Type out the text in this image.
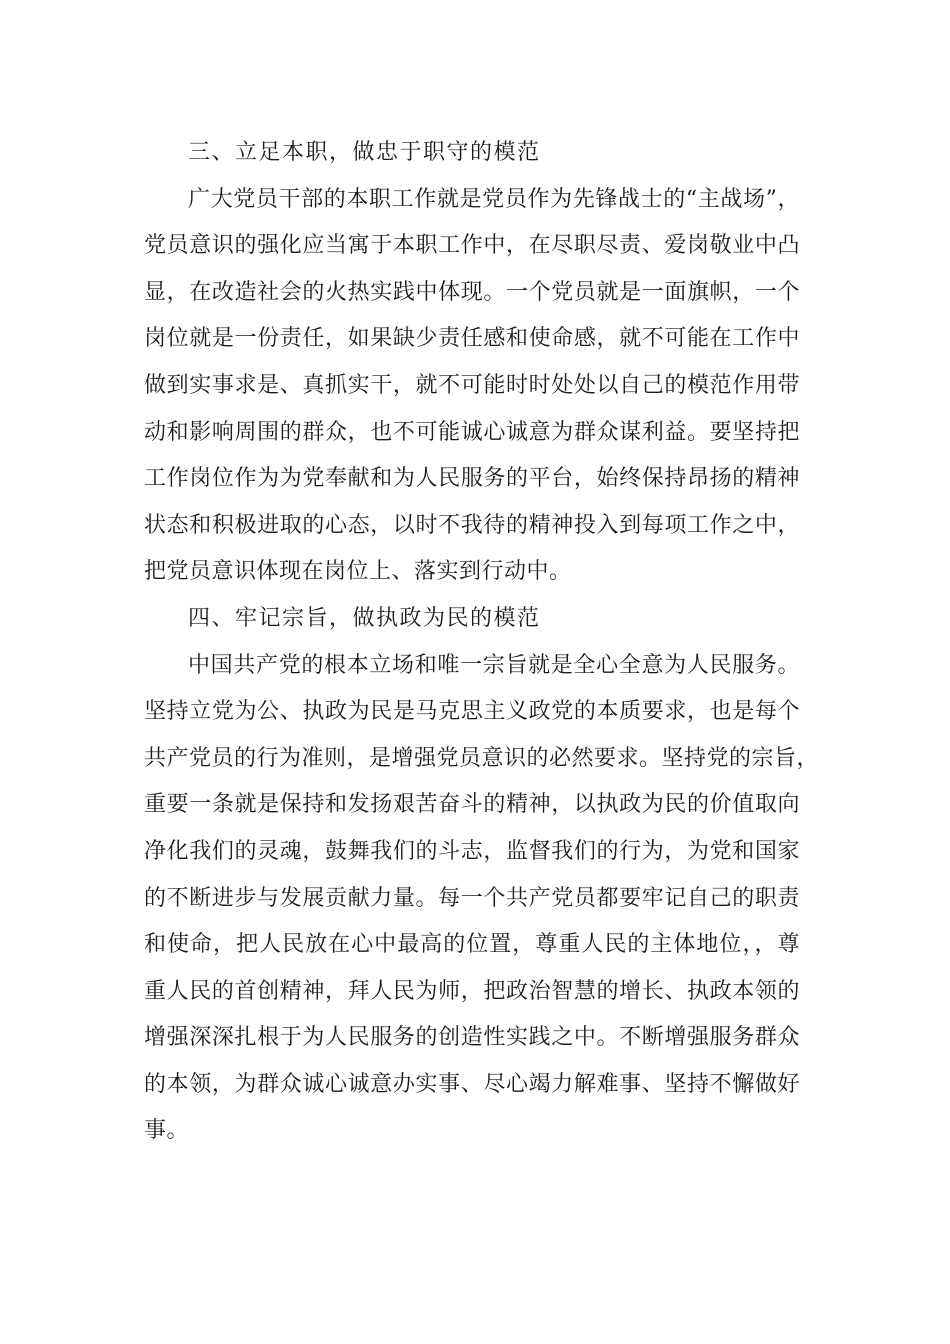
三、立足本职，做忠于职守的模范
广大党员干部的本职工作就是党员作为先锋战士的“主战场”，
党员意识的强化应当寓于本职工作中，在尽职尽责、爱岗敬业中凸
显，在改造社会的火热实践中体现。一个党员就是一面旗帜，一个
岗位就是一份责任，如果缺少责任感和使命感，就不可能在工作中
做到实事求是、真抓实干，就不可能时时处处以自己的模范作用带
动和影响周围的群众，也不可能诚心诚意为群众谋利益。要坚持把
工作岗位作为为党奉献和为人民服务的平台，始终保持昂扬的精神
状态和积极进取的心态，以时不我待的精神投入到每项工作之中，
把党员意识体现在岗位上、落实到行动中。
四、牢记宗旨，做执政为民的模范
中国共产党的根本立场和唯一宗旨就是全心全意为人民服务。
坚持立党为公、执政为民是马克思主义政党的本质要求，也是每个
共产党员的行为准则，是增强党员意识的必然要求。坚持党的宗旨，
重要一条就是保持和发扬艰苦奋斗的精神，以执政为民的价值取向
净化我们的灵魂，鼓舞我们的斗志，监督我们的行为，为党和国家
的不断进步与发展贡献力量。每一个共产党员都要牢记自己的职责
和使命，把人民放在心中最高的位置，尊重人民的主体地位，，尊
重人民的首创精神，拜人民为师，把政治智慧的增长、执政本领的
增强深深扎根于为人民服务的创造性实践之中。不断增强服务群众
的本领，为群众诚心诚意办实事、尽心竭力解难事、坚持不懈做好
事。
